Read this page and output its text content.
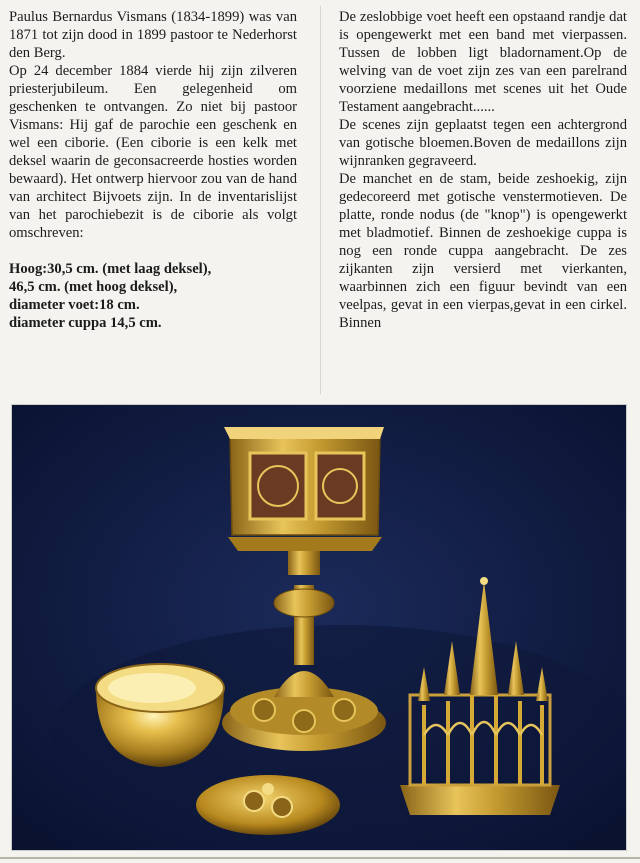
Paulus Bernardus Vismans (1834-1899) was van 1871 tot zijn dood in 1899 pastoor te Nederhorst den Berg.

Op 24 december 1884 vierde hij zijn zilveren priesterjubileum. Een gelegenheid om geschenken te ontvangen. Zo niet bij pastoor Vismans: Hij gaf de parochie een geschenk en wel een ciborie. (Een ciborie is een kelk met deksel waarin de geconsacreerde hosties worden bewaard). Het ontwerp hiervoor zou van de hand van architect Bijvoets zijn. In de inventarislijst van het parochiebezit is de ciborie als volgt omschreven:

Hoog:30,5 cm. (met laag deksel),

46,5 cm. (met hoog deksel),

diameter voet:18 cm.

diameter cuppa 14,5 cm.

De zeslobbige voet heeft een opstaand randje dat is opengewerkt met een band met vierpassen. Tussen de lobben ligt bladornament.Op de welving van de voet zijn zes van een parelrand voorziene medaillons met scenes uit het Oude Testament aangebracht......

De scenes zijn geplaatst tegen een achtergrond van gotische bloemen.Boven de medaillons zijn wijnranken gegraveerd.

De manchet en de stam, beide zeshoekig, zijn gedecoreerd met gotische venstermotieven. De platte, ronde nodus (de "knop") is opengewerkt met bladmotief. Binnen de zeshoekige cuppa is nog een ronde cuppa aangebracht. De zes zijkanten zijn versierd met vierkanten, waarbinnen zich een figuur bevindt van een veelpas, gevat in een vierpas,gevat in een cirkel. Binnen
